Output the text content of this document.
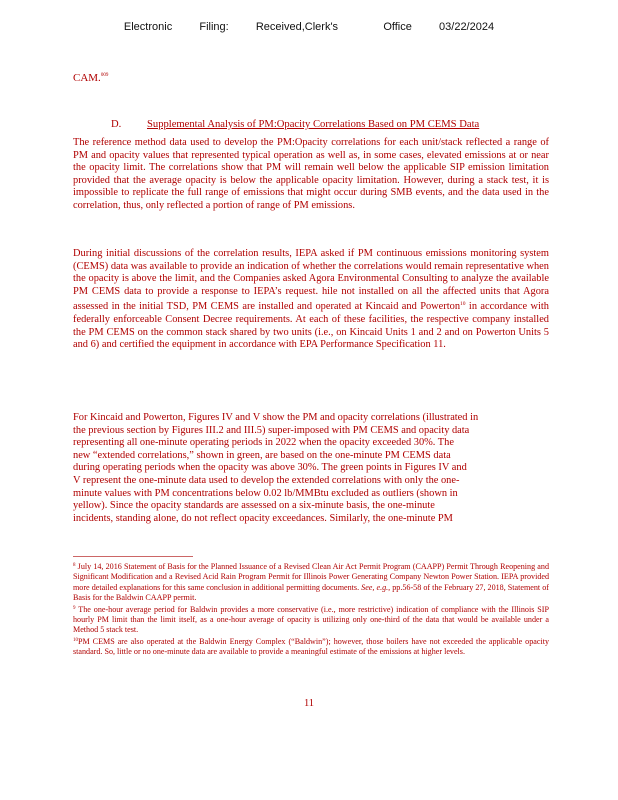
Electronic   Filing:   Received,Clerk's     Office   03/22/2024
CAM.$^{009}$
D. Supplemental Analysis of PM:Opacity Correlations Based on PM CEMS Data
The reference method data used to develop the PM:Opacity correlations for each unit/stack reflected a range of PM and opacity values that represented typical operation as well as, in some cases, elevated emissions at or near the opacity limit. The correlations show that PM will remain well below the applicable SIP emission limitation provided that the average opacity is below the applicable opacity limitation. However, during a stack test, it is impossible to replicate the full range of emissions that might occur during SMB events, and the data used in the correlation, thus, only reflected a portion of range of PM emissions.
During initial discussions of the correlation results, IEPA asked if PM continuous emissions monitoring system (CEMS) data was available to provide an indication of whether the correlations would remain representative when the opacity is above the limit, and the Companies asked Agora Environmental Consulting to analyze the available PM CEMS data to provide a response to IEPA’s request. hile not installed on all the affected units that Agora assessed in the initial TSD, PM CEMS are installed and operated at Kincaid and Powerton$^{10}$ in accordance with federally enforceable Consent Decree requirements. At each of these facilities, the respective company installed the PM CEMS on the common stack shared by two units (i.e., on Kincaid Units 1 and 2 and on Powerton Units 5 and 6) and certified the equipment in accordance with EPA Performance Specification 11.
For Kincaid and Powerton, Figures IV and V show the PM and opacity correlations (illustrated in
the previous section by Figures III.2 and III.5) super-imposed with PM CEMS and opacity data
representing all one-minute operating periods in 2022 when the opacity exceeded 30%. The
new “extended correlations,” shown in green, are based on the one-minute PM CEMS data
during operating periods when the opacity was above 30%. The green points in Figures IV and
V represent the one-minute data used to develop the extended correlations with only the one-
minute values with PM concentrations below 0.02 lb/MMBtu excluded as outliers (shown in
yellow). Since the opacity standards are assessed on a six-minute basis, the one-minute
incidents, standing alone, do not reflect opacity exceedances. Similarly, the one-minute PM

$^8$ July 14, 2016 Statement of Basis for the Planned Issuance of a Revised Clean Air Act Permit Program (CAAPP) Permit Through Reopening and Significant Modification and a Revised Acid Rain Program Permit for Illinois Power Generating Company Newton Power Station. IEPA provided more detailed explanations for this same conclusion in additional permitting documents. See, e.g., pp.56-58 of the February 27, 2018, Statement of Basis for the Baldwin CAAPP permit.

$^9$ The one-hour average period for Baldwin provides a more conservative (i.e., more restrictive) indication of compliance with the Illinois SIP hourly PM limit than the limit itself, as a one-hour average of opacity is utilizing only one-third of the data that would be available under a Method 5 stack test.

$^{10}$PM CEMS are also operated at the Baldwin Energy Complex (“Baldwin”); however, those boilers have not exceeded the applicable opacity standard. So, little or no one-minute data are available to provide a meaningful estimate of the emissions at higher levels.

11
